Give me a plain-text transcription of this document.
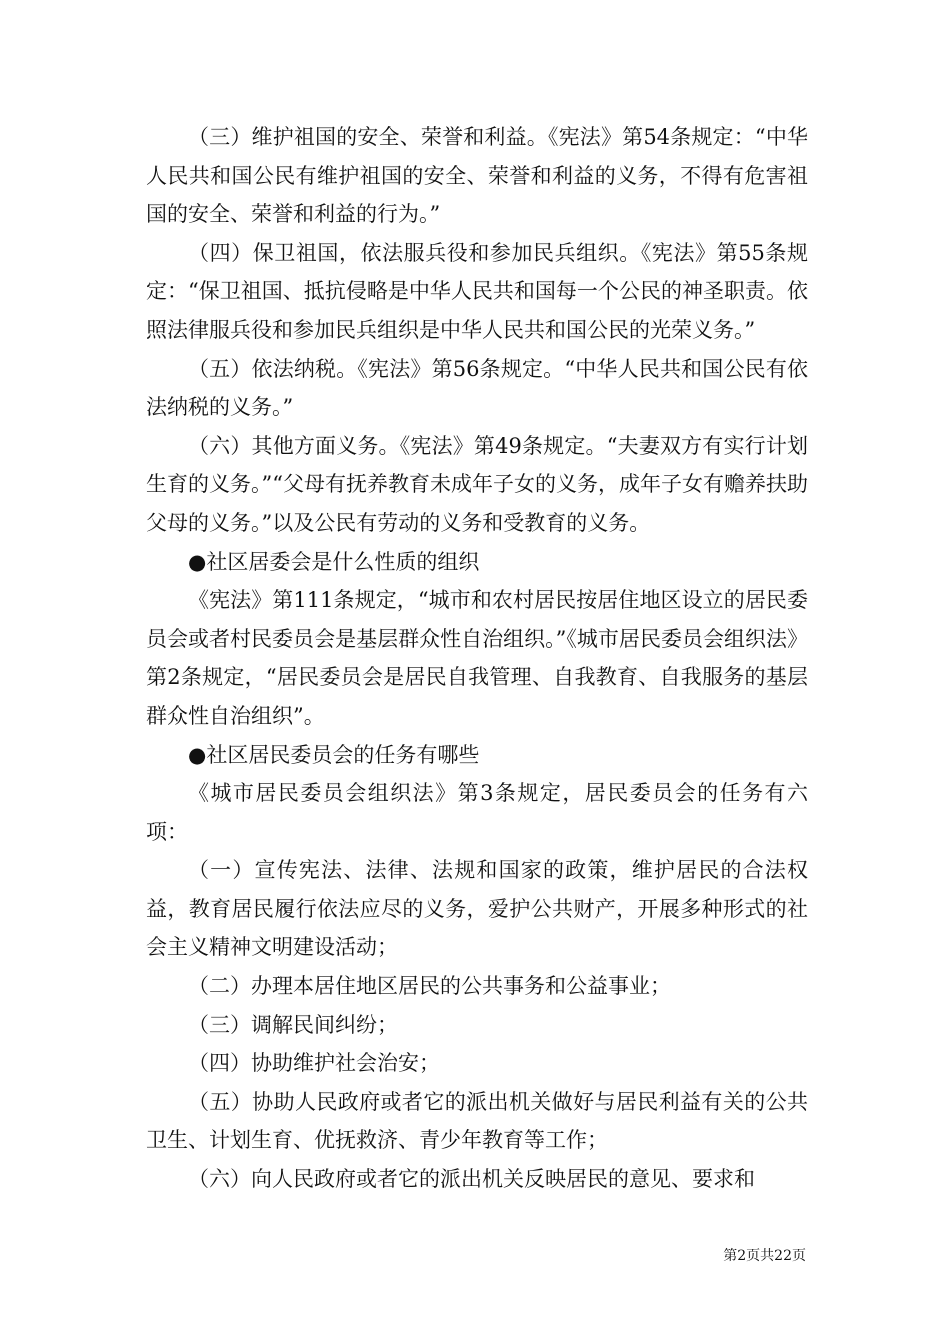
（三）维护祖国的安全、荣誉和利益。《宪法》第54条规定：“中华人民共和国公民有维护祖国的安全、荣誉和利益的义务，不得有危害祖国的安全、荣誉和利益的行为。”

（四）保卫祖国，依法服兵役和参加民兵组织。《宪法》第55条规定：“保卫祖国、抵抗侵略是中华人民共和国每一个公民的神圣职责。依照法律服兵役和参加民兵组织是中华人民共和国公民的光荣义务。”

（五）依法纳税。《宪法》第56条规定。“中华人民共和国公民有依法纳税的义务。”

（六）其他方面义务。《宪法》第49条规定。“夫妻双方有实行计划生育的义务。”“父母有抚养教育未成年子女的义务，成年子女有赡养扶助父母的义务。”以及公民有劳动的义务和受教育的义务。

●社区居委会是什么性质的组织

《宪法》第111条规定，“城市和农村居民按居住地区设立的居民委员会或者村民委员会是基层群众性自治组织。”《城市居民委员会组织法》第2条规定，“居民委员会是居民自我管理、自我教育、自我服务的基层群众性自治组织”。

●社区居民委员会的任务有哪些

《城市居民委员会组织法》第3条规定，居民委员会的任务有六项：

（一）宣传宪法、法律、法规和国家的政策，维护居民的合法权益，教育居民履行依法应尽的义务，爱护公共财产，开展多种形式的社会主义精神文明建设活动；

（二）办理本居住地区居民的公共事务和公益事业；

（三）调解民间纠纷；

（四）协助维护社会治安；

（五）协助人民政府或者它的派出机关做好与居民利益有关的公共卫生、计划生育、优抚救济、青少年教育等工作；

（六）向人民政府或者它的派出机关反映居民的意见、要求和

第2页共22页
